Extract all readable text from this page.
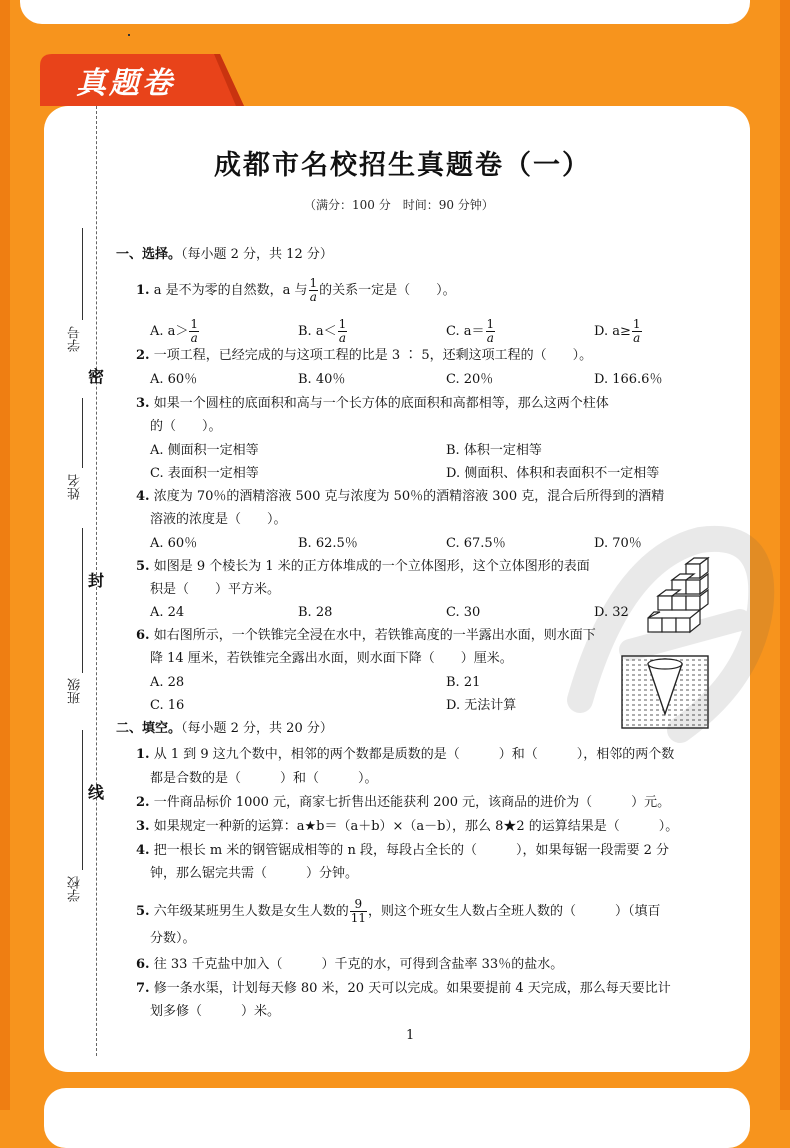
真题卷
学号
姓名
班级
学校
密
封
线
成都市名校招生真题卷（一）
（满分：100 分　时间：90 分钟）
一、选择。（每小题 2 分，共 12 分）
1. a 是不为零的自然数，a 与 $\frac{1}{a}$ 的关系一定是（　　）。
A. $a> \frac{1}{a}$	B. $a< \frac{1}{a}$	C. $a= \frac{1}{a}$	D. $a\ge \frac{1}{a}$
2. 一项工程，已经完成的与这项工程的比是 3 ∶ 5，还剩这项工程的（　　）。
A. 60％	B. 40％	C. 20％	D. 166.6％
3. 如果一个圆柱的底面积和高与一个长方体的底面积和高都相等，那么这两个柱体
的（　　）。
A. 侧面积一定相等	B. 体积一定相等
C. 表面积一定相等	D. 侧面积、体积和表面积不一定相等
4. 浓度为 70％的酒精溶液 500 克与浓度为 50％的酒精溶液 300 克，混合后所得到的酒精
溶液的浓度是（　　）。
A. 60％	B. 62.5％	C. 67.5％	D. 70％
5. 如图是 9 个棱长为 1 米的正方体堆成的一个立体图形，这个立体图形的表面
积是（　　）平方米。
A. 24	B. 28	C. 30	D. 32
6. 如右图所示，一个铁锥完全浸在水中，若铁锥高度的一半露出水面，则水面下
降 14 厘米，若铁锥完全露出水面，则水面下降（　　）厘米。
A. 28	B. 21
C. 16	D. 无法计算
二、填空。（每小题 2 分，共 20 分）
1. 从 1 到 9 这九个数中，相邻的两个数都是质数的是（　　　）和（　　　），相邻的两个数
都是合数的是（　　　）和（　　　）。
2. 一件商品标价 1000 元，商家七折售出还能获利 200 元，该商品的进价为（　　　）元。
3. 如果规定一种新的运算：a★b＝（a＋b）×（a－b），那么 8★2 的运算结果是（　　　）。
4. 把一根长 m 米的钢管锯成相等的 n 段，每段占全长的（　　　），如果每锯一段需要 2 分
钟，那么锯完共需（　　　）分钟。
5. 六年级某班男生人数是女生人数的 $\frac{9}{11}$ ，则这个班女生人数占全班人数的（　　　）（填百
分数）。
6. 往 33 千克盐中加入（　　　）千克的水，可得到含盐率 33％的盐水。
7. 修一条水渠，计划每天修 80 米，20 天可以完成。如果要提前 4 天完成，那么每天要比计
划多修（　　　）米。
1
